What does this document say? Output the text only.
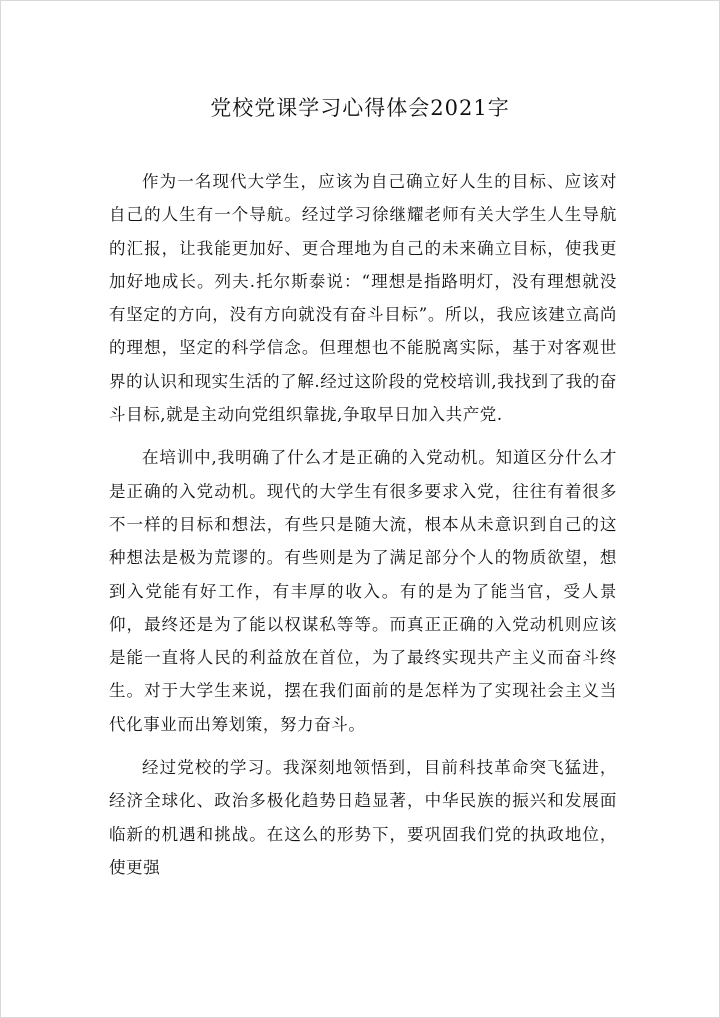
党校党课学习心得体会2021字

作为一名现代大学生，应该为自己确立好人生的目标、应该对自己的人生有一个导航。经过学习徐继耀老师有关大学生人生导航的汇报，让我能更加好、更合理地为自己的未来确立目标，使我更加好地成长。列夫.托尔斯泰说：“理想是指路明灯，没有理想就没有坚定的方向，没有方向就没有奋斗目标”。所以，我应该建立高尚的理想，坚定的科学信念。但理想也不能脱离实际，基于对客观世界的认识和现实生活的了解.经过这阶段的党校培训,我找到了我的奋斗目标,就是主动向党组织靠拢,争取早日加入共产党.

在培训中,我明确了什么才是正确的入党动机。知道区分什么才是正确的入党动机。现代的大学生有很多要求入党，往往有着很多不一样的目标和想法，有些只是随大流，根本从未意识到自己的这种想法是极为荒谬的。有些则是为了满足部分个人的物质欲望，想到入党能有好工作，有丰厚的收入。有的是为了能当官，受人景仰，最终还是为了能以权谋私等等。而真正正确的入党动机则应该是能一直将人民的利益放在首位，为了最终实现共产主义而奋斗终生。对于大学生来说，摆在我们面前的是怎样为了实现社会主义当代化事业而出筹划策，努力奋斗。

经过党校的学习。我深刻地领悟到，目前科技革命突飞猛进，经济全球化、政治多极化趋势日趋显著，中华民族的振兴和发展面临新的机遇和挑战。在这么的形势下，要巩固我们党的执政地位，使更强
